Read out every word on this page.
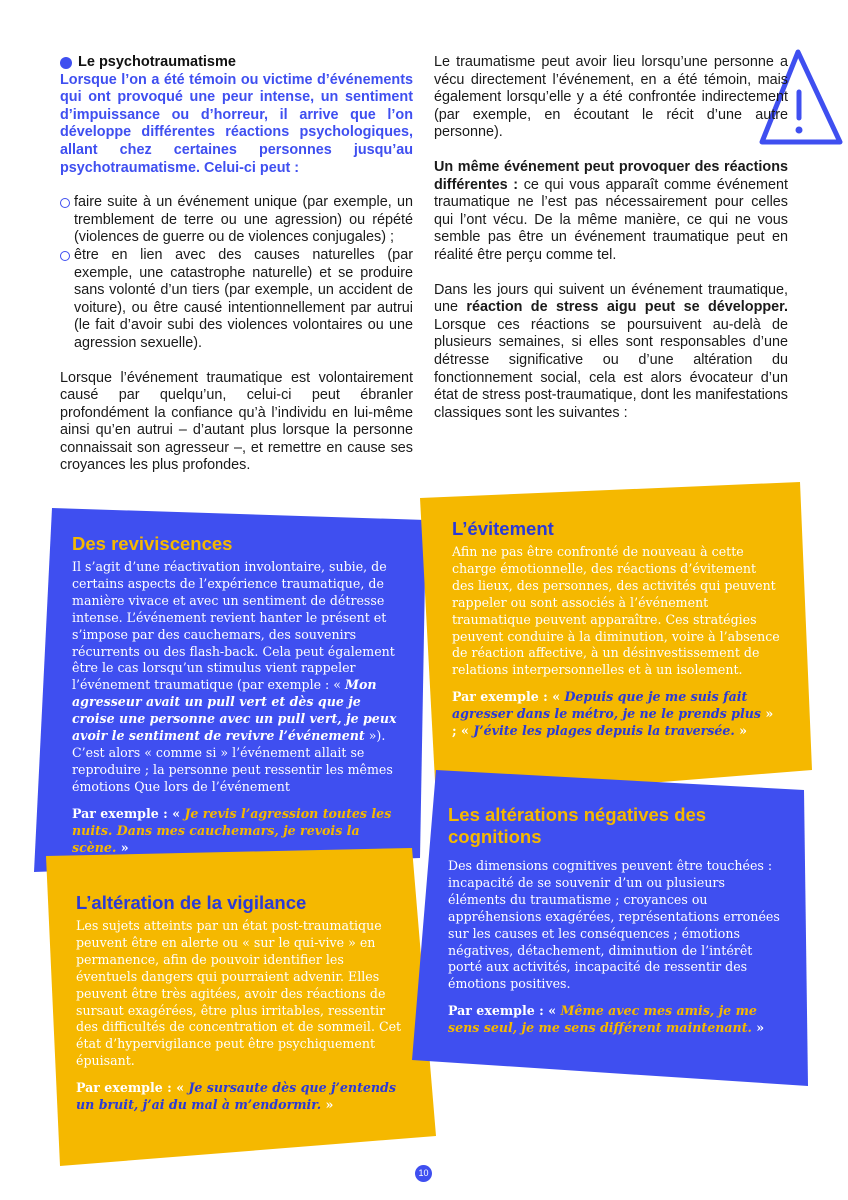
Le psychotraumatisme

Lorsque l’on a été témoin ou victime d’événements qui ont provoqué une peur intense, un sentiment d’impuissance ou d’horreur, il arrive que l’on développe différentes réactions psychologiques, allant chez certaines personnes jusqu’au psychotraumatisme. Celui-ci peut :

faire suite à un événement unique (par exemple, un tremblement de terre ou une agression) ou répété (violences de guerre ou de violences conjugales) ;
être en lien avec des causes naturelles (par exemple, une catastrophe naturelle) et se produire sans volonté d’un tiers (par exemple, un accident de voiture), ou être causé intentionnellement par autrui (le fait d’avoir subi des violences volontaires ou une agression sexuelle).

Lorsque l’événement traumatique est volontairement causé par quelqu’un, celui-ci peut ébranler profondément la confiance qu’à l’individu en lui-même ainsi qu’en autrui – d’autant plus lorsque la personne connaissait son agresseur –, et remettre en cause ses croyances les plus profondes.

Le traumatisme peut avoir lieu lorsqu’une personne a vécu directement l’événement, en a été témoin, mais également lorsqu’elle y a été confrontée indirectement (par exemple, en écoutant le récit d’une autre personne).

Un même événement peut provoquer des réactions différentes : ce qui vous apparaît comme événement traumatique ne l’est pas nécessairement pour celles qui l’ont vécu. De la même manière, ce qui ne vous semble pas être un événement traumatique peut en réalité être perçu comme tel.

Dans les jours qui suivent un événement traumatique, une réaction de stress aigu peut se développer. Lorsque ces réactions se poursuivent au-delà de plusieurs semaines, si elles sont responsables d’une détresse significative ou d’une altération du fonctionnement social, cela est alors évocateur d’un état de stress post-traumatique, dont les manifestations classiques sont les suivantes :

Des reviviscences
Il s’agit d’une réactivation involontaire, subie, de certains aspects de l’expérience traumatique, de manière vivace et avec un sentiment de détresse intense. L’événement revient hanter le présent et s’impose par des cauchemars, des souvenirs récurrents ou des flash-back. Cela peut également être le cas lorsqu’un stimulus vient rappeler l’événement traumatique (par exemple : « Mon agresseur avait un pull vert et dès que je croise une personne avec un pull vert, je peux avoir le sentiment de revivre l’événement »). C’est alors « comme si » l’événement allait se reproduire ; la personne peut ressentir les mêmes émotions Que lors de l’événement
Par exemple : « Je revis l’agression toutes les nuits. Dans mes cauchemars, je revois la scène. »
L’évitement
Afin ne pas être confronté de nouveau à cette charge émotionnelle, des réactions d’évitement des lieux, des personnes, des activités qui peuvent rappeler ou sont associés à l’événement traumatique peuvent apparaître. Ces stratégies peuvent conduire à la diminution, voire à l’absence de réaction affective, à un désinvestissement de relations interpersonnelles et à un isolement.
Par exemple : « Depuis que je me suis fait agresser dans le métro, je ne le prends plus » ; « J’évite les plages depuis la traversée. »
L’altération de la vigilance
Les sujets atteints par un état post-traumatique peuvent être en alerte ou « sur le qui-vive » en permanence, afin de pouvoir identifier les éventuels dangers qui pourraient advenir. Elles peuvent être très agitées, avoir des réactions de sursaut exagérées, être plus irritables, ressentir des difficultés de concentration et de sommeil. Cet état d’hypervigilance peut être psychiquement épuisant.
Par exemple : « Je sursaute dès que j’entends un bruit, j’ai du mal à m’endormir. »
Les altérations négatives des cognitions
Des dimensions cognitives peuvent être touchées : incapacité de se souvenir d’un ou plusieurs éléments du traumatisme ; croyances ou appréhensions exagérées, représentations erronées sur les causes et les conséquences ; émotions négatives, détachement, diminution de l’intérêt porté aux activités, incapacité de ressentir des émotions positives.
Par exemple : « Même avec mes amis, je me sens seul, je me sens différent maintenant. »
10
